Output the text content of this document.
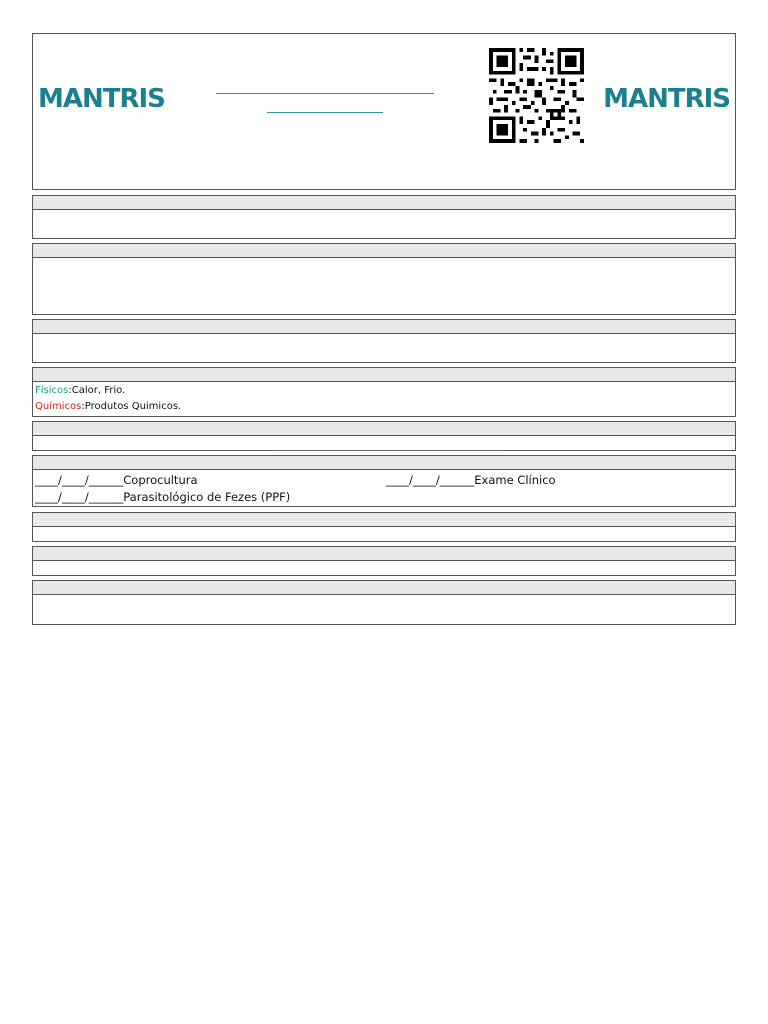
MANTRIS	MANTRIS
Físicos:Calor, Frio.
Químicos:Produtos Quimicos.
____/____/______Coprocultura
____/____/______Parasitológico de Fezes (PPF)
____/____/______Exame Clínico
